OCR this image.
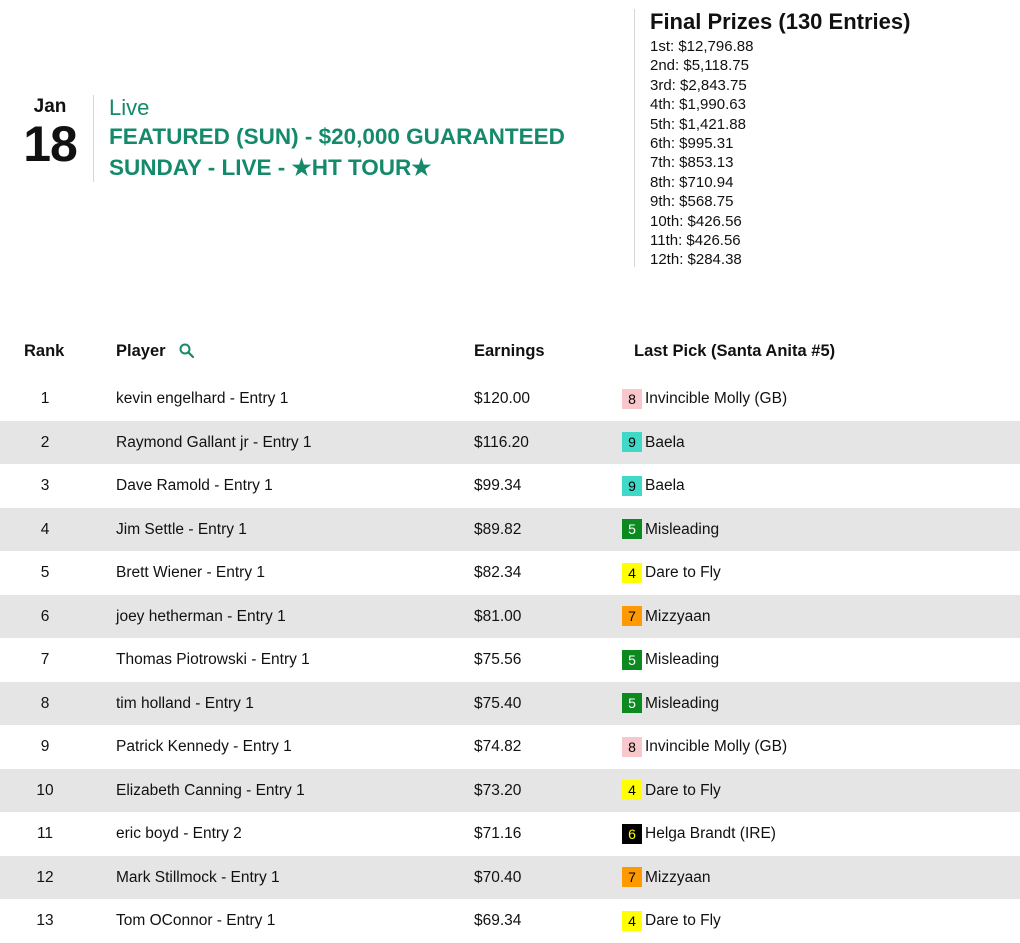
Jan
18
Live
FEATURED (SUN) - $20,000 GUARANTEED
SUNDAY - LIVE - ★HT TOUR★
Final Prizes (130 Entries)
1st: $12,796.88
2nd: $5,118.75
3rd: $2,843.75
4th: $1,990.63
5th: $1,421.88
6th: $995.31
7th: $853.13
8th: $710.94
9th: $568.75
10th: $426.56
11th: $426.56
12th: $284.38
Rank	Player	Earnings	Last Pick (Santa Anita #5)
1	kevin engelhard - Entry 1	$120.00	8 Invincible Molly (GB)
2	Raymond Gallant jr - Entry 1	$116.20	9 Baela
3	Dave Ramold - Entry 1	$99.34	9 Baela
4	Jim Settle - Entry 1	$89.82	5 Misleading
5	Brett Wiener - Entry 1	$82.34	4 Dare to Fly
6	joey hetherman - Entry 1	$81.00	7 Mizzyaan
7	Thomas Piotrowski - Entry 1	$75.56	5 Misleading
8	tim holland - Entry 1	$75.40	5 Misleading
9	Patrick Kennedy - Entry 1	$74.82	8 Invincible Molly (GB)
10	Elizabeth Canning - Entry 1	$73.20	4 Dare to Fly
11	eric boyd - Entry 2	$71.16	6 Helga Brandt (IRE)
12	Mark Stillmock - Entry 1	$70.40	7 Mizzyaan
13	Tom OConnor - Entry 1	$69.34	4 Dare to Fly
